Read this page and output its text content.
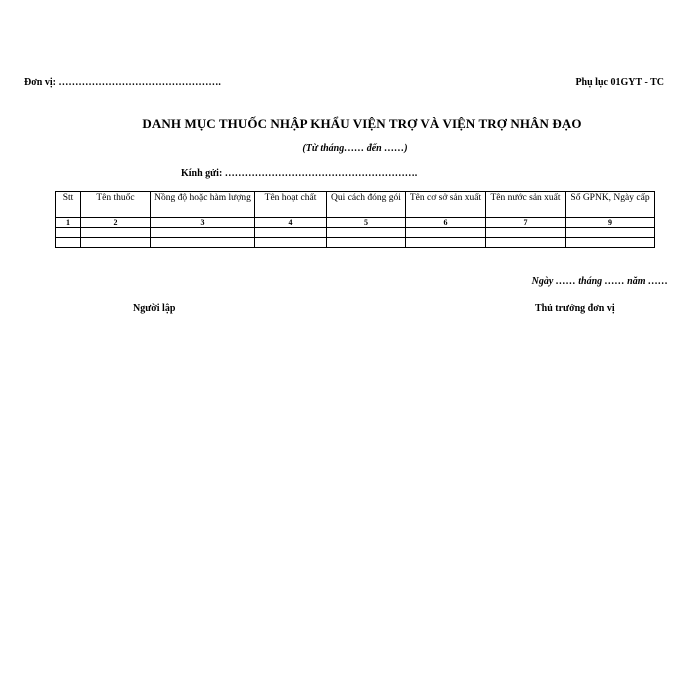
Đơn vị: ………………………………………….	Phụ lục 01GYT - TC
DANH MỤC THUỐC NHẬP KHẨU VIỆN TRỢ VÀ VIỆN TRỢ NHÂN ĐẠO
(Từ tháng…… đến ……)
Kính gửi: ………………………………………………….
Stt	Tên thuốc	Nồng độ hoặc hàm lượng	Tên hoạt chất	Qui cách đóng gói	Tên cơ sở sản xuất	Tên nước sản xuất	Số GPNK, Ngày cấp
1	2	3	4	5	6	7	9

Ngày …… tháng …… năm ……
Người lập	Thủ trưởng đơn vị
